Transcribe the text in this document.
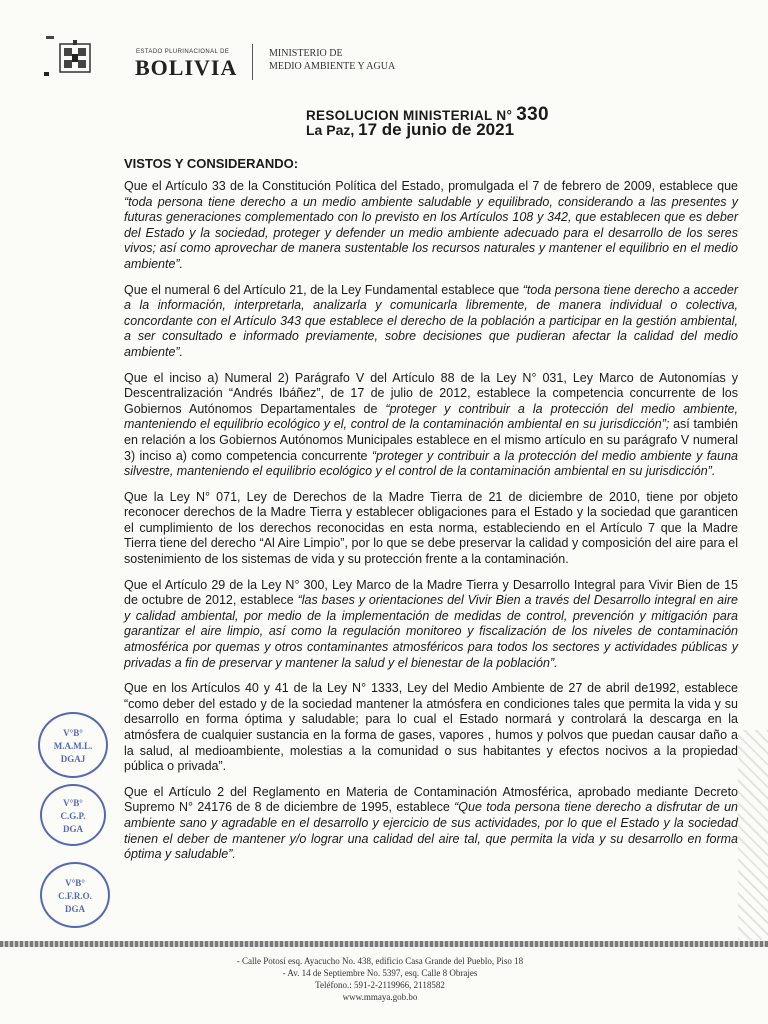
ESTADO PLURINACIONAL DE
BOLIVIA
MINISTERIO DE
MEDIO AMBIENTE Y AGUA
RESOLUCION MINISTERIAL N° 330
La Paz, 17 de junio de 2021
VISTOS Y CONSIDERANDO:

Que el Artículo 33 de la Constitución Política del Estado, promulgada el 7 de febrero de 2009, establece que “toda persona tiene derecho a un medio ambiente saludable y equilibrado, considerando a las presentes y futuras generaciones complementado con lo previsto en los Artículos 108 y 342, que establecen que es deber del Estado y la sociedad, proteger y defender un medio ambiente adecuado para el desarrollo de los seres vivos; así como aprovechar de manera sustentable los recursos naturales y mantener el equilibrio en el medio ambiente”.

Que el numeral 6 del Artículo 21, de la Ley Fundamental establece que “toda persona tiene derecho a acceder a la información, interpretarla, analizarla y comunicarla libremente, de manera individual o colectiva, concordante con el Artículo 343 que establece el derecho de la población a participar en la gestión ambiental, a ser consultado e informado previamente, sobre decisiones que pudieran afectar la calidad del medio ambiente”.

Que el inciso a) Numeral 2) Parágrafo V del Artículo 88 de la Ley N° 031, Ley Marco de Autonomías y Descentralización “Andrés Ibáñez”, de 17 de julio de 2012, establece la competencia concurrente de los Gobiernos Autónomos Departamentales de “proteger y contribuir a la protección del medio ambiente, manteniendo el equilibrio ecológico y el, control de la contaminación ambiental en su jurisdicción”; así también en relación a los Gobiernos Autónomos Municipales establece en el mismo artículo en su parágrafo V numeral 3) inciso a) como competencia concurrente “proteger y contribuir a la protección del medio ambiente y fauna silvestre, manteniendo el equilibrio ecológico y el control de la contaminación ambiental en su jurisdicción”.

Que la Ley N° 071, Ley de Derechos de la Madre Tierra de 21 de diciembre de 2010, tiene por objeto reconocer derechos de la Madre Tierra y establecer obligaciones para el Estado y la sociedad que garanticen el cumplimiento de los derechos reconocidas en esta norma, estableciendo en el Artículo 7 que la Madre Tierra tiene del derecho “Al Aire Limpio”, por lo que se debe preservar la calidad y composición del aire para el sostenimiento de los sistemas de vida y su protección frente a la contaminación.

Que el Artículo 29 de la Ley N° 300, Ley Marco de la Madre Tierra y Desarrollo Integral para Vivir Bien de 15 de octubre de 2012, establece “las bases y orientaciones del Vivir Bien a través del Desarrollo integral en aire y calidad ambiental, por medio de la implementación de medidas de control, prevención y mitigación para garantizar el aire limpio, así como la regulación monitoreo y fiscalización de los niveles de contaminación atmosférica por quemas y otros contaminantes atmosféricos para todos los sectores y actividades públicas y privadas a fin de preservar y mantener la salud y el bienestar de la población”.

Que en los Artículos 40 y 41 de la Ley N° 1333, Ley del Medio Ambiente de 27 de abril de1992, establece “como deber del estado y de la sociedad mantener la atmósfera en condiciones tales que permita la vida y su desarrollo en forma óptima y saludable; para lo cual el Estado normará y controlará la descarga en la atmósfera de cualquier sustancia en la forma de gases, vapores , humos y polvos que puedan causar daño a la salud, al medioambiente, molestias a la comunidad o sus habitantes y efectos nocivos a la propiedad pública o privada”.

Que el Artículo 2 del Reglamento en Materia de Contaminación Atmosférica, aprobado mediante Decreto Supremo N° 24176 de 8 de diciembre de 1995, establece “Que toda persona tiene derecho a disfrutar de un ambiente sano y agradable en el desarrollo y ejercicio de sus actividades, por lo que el Estado y la sociedad tienen el deber de mantener y/o lograr una calidad del aire tal, que permita la vida y su desarrollo en forma óptima y saludable”.

V°B°
M.A.M.L.
DGAJ
V°B°
C.G.P.
DGA
V°B°
C.F.R.O.
DGA
- Calle Potosí esq. Ayacucho No. 438, edificio Casa Grande del Pueblo, Piso 18
- Av. 14 de Septiembre No. 5397, esq. Calle 8 Obrajes
Teléfono.: 591-2-2119966, 2118582
www.mmaya.gob.bo
